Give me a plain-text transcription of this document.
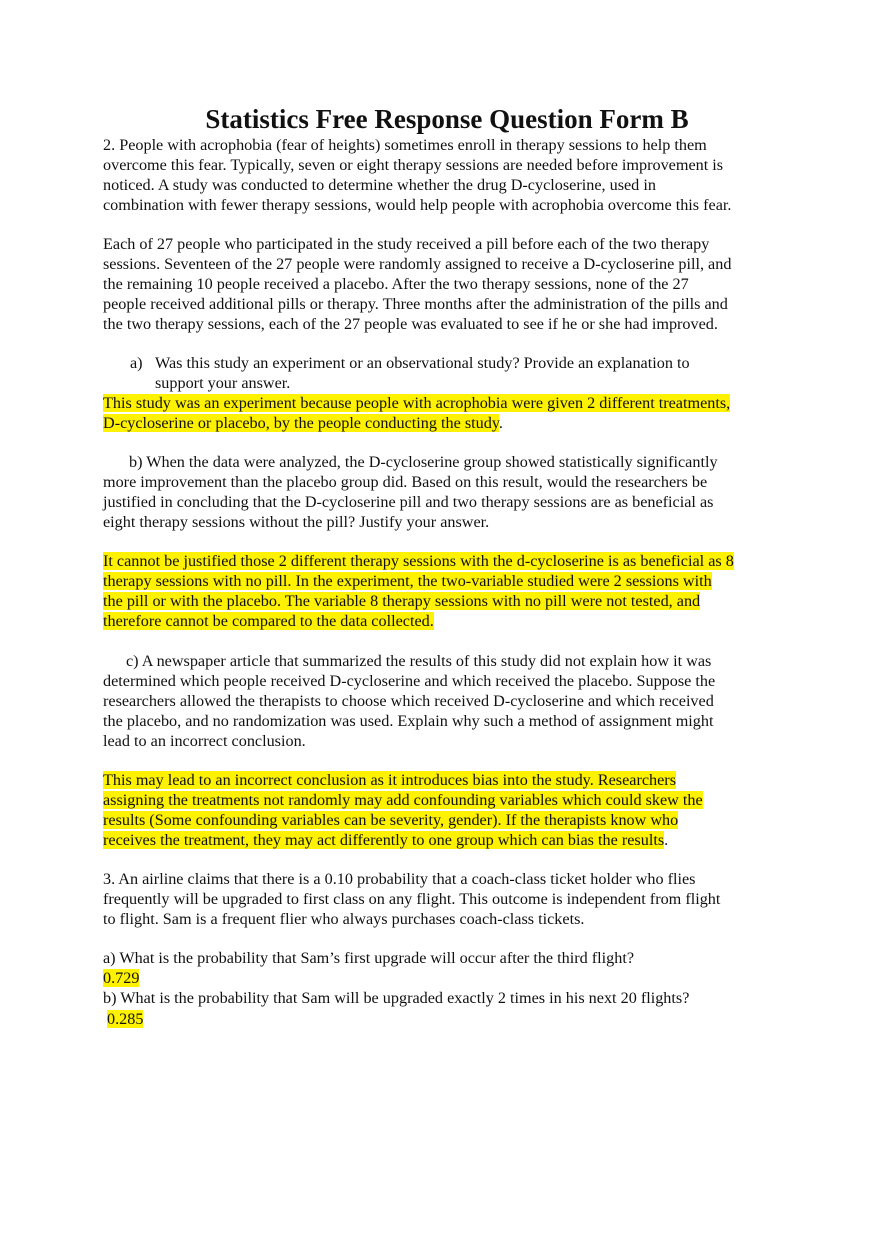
Statistics Free Response Question Form B
2. People with acrophobia (fear of heights) sometimes enroll in therapy sessions to help them
overcome this fear. Typically, seven or eight therapy sessions are needed before improvement is
noticed. A study was conducted to determine whether the drug D-cycloserine, used in
combination with fewer therapy sessions, would help people with acrophobia overcome this fear.
Each of 27 people who participated in the study received a pill before each of the two therapy
sessions. Seventeen of the 27 people were randomly assigned to receive a D-cycloserine pill, and
the remaining 10 people received a placebo. After the two therapy sessions, none of the 27
people received additional pills or therapy. Three months after the administration of the pills and
the two therapy sessions, each of the 27 people was evaluated to see if he or she had improved.
a) Was this study an experiment or an observational study? Provide an explanation to
support your answer.
This study was an experiment because people with acrophobia were given 2 different treatments,
D-cycloserine or placebo, by the people conducting the study.
b) When the data were analyzed, the D-cycloserine group showed statistically significantly
more improvement than the placebo group did. Based on this result, would the researchers be
justified in concluding that the D-cycloserine pill and two therapy sessions are as beneficial as
eight therapy sessions without the pill? Justify your answer.
It cannot be justified those 2 different therapy sessions with the d-cycloserine is as beneficial as 8
therapy sessions with no pill. In the experiment, the two-variable studied were 2 sessions with
the pill or with the placebo. The variable 8 therapy sessions with no pill were not tested, and
therefore cannot be compared to the data collected.
c) A newspaper article that summarized the results of this study did not explain how it was
determined which people received D-cycloserine and which received the placebo. Suppose the
researchers allowed the therapists to choose which received D-cycloserine and which received
the placebo, and no randomization was used. Explain why such a method of assignment might
lead to an incorrect conclusion.
This may lead to an incorrect conclusion as it introduces bias into the study. Researchers
assigning the treatments not randomly may add confounding variables which could skew the
results (Some confounding variables can be severity, gender). If the therapists know who
receives the treatment, they may act differently to one group which can bias the results.
3. An airline claims that there is a 0.10 probability that a coach-class ticket holder who flies
frequently will be upgraded to first class on any flight. This outcome is independent from flight
to flight. Sam is a frequent flier who always purchases coach-class tickets.
a) What is the probability that Sam’s first upgrade will occur after the third flight?
0.729
b) What is the probability that Sam will be upgraded exactly 2 times in his next 20 flights?
0.285
